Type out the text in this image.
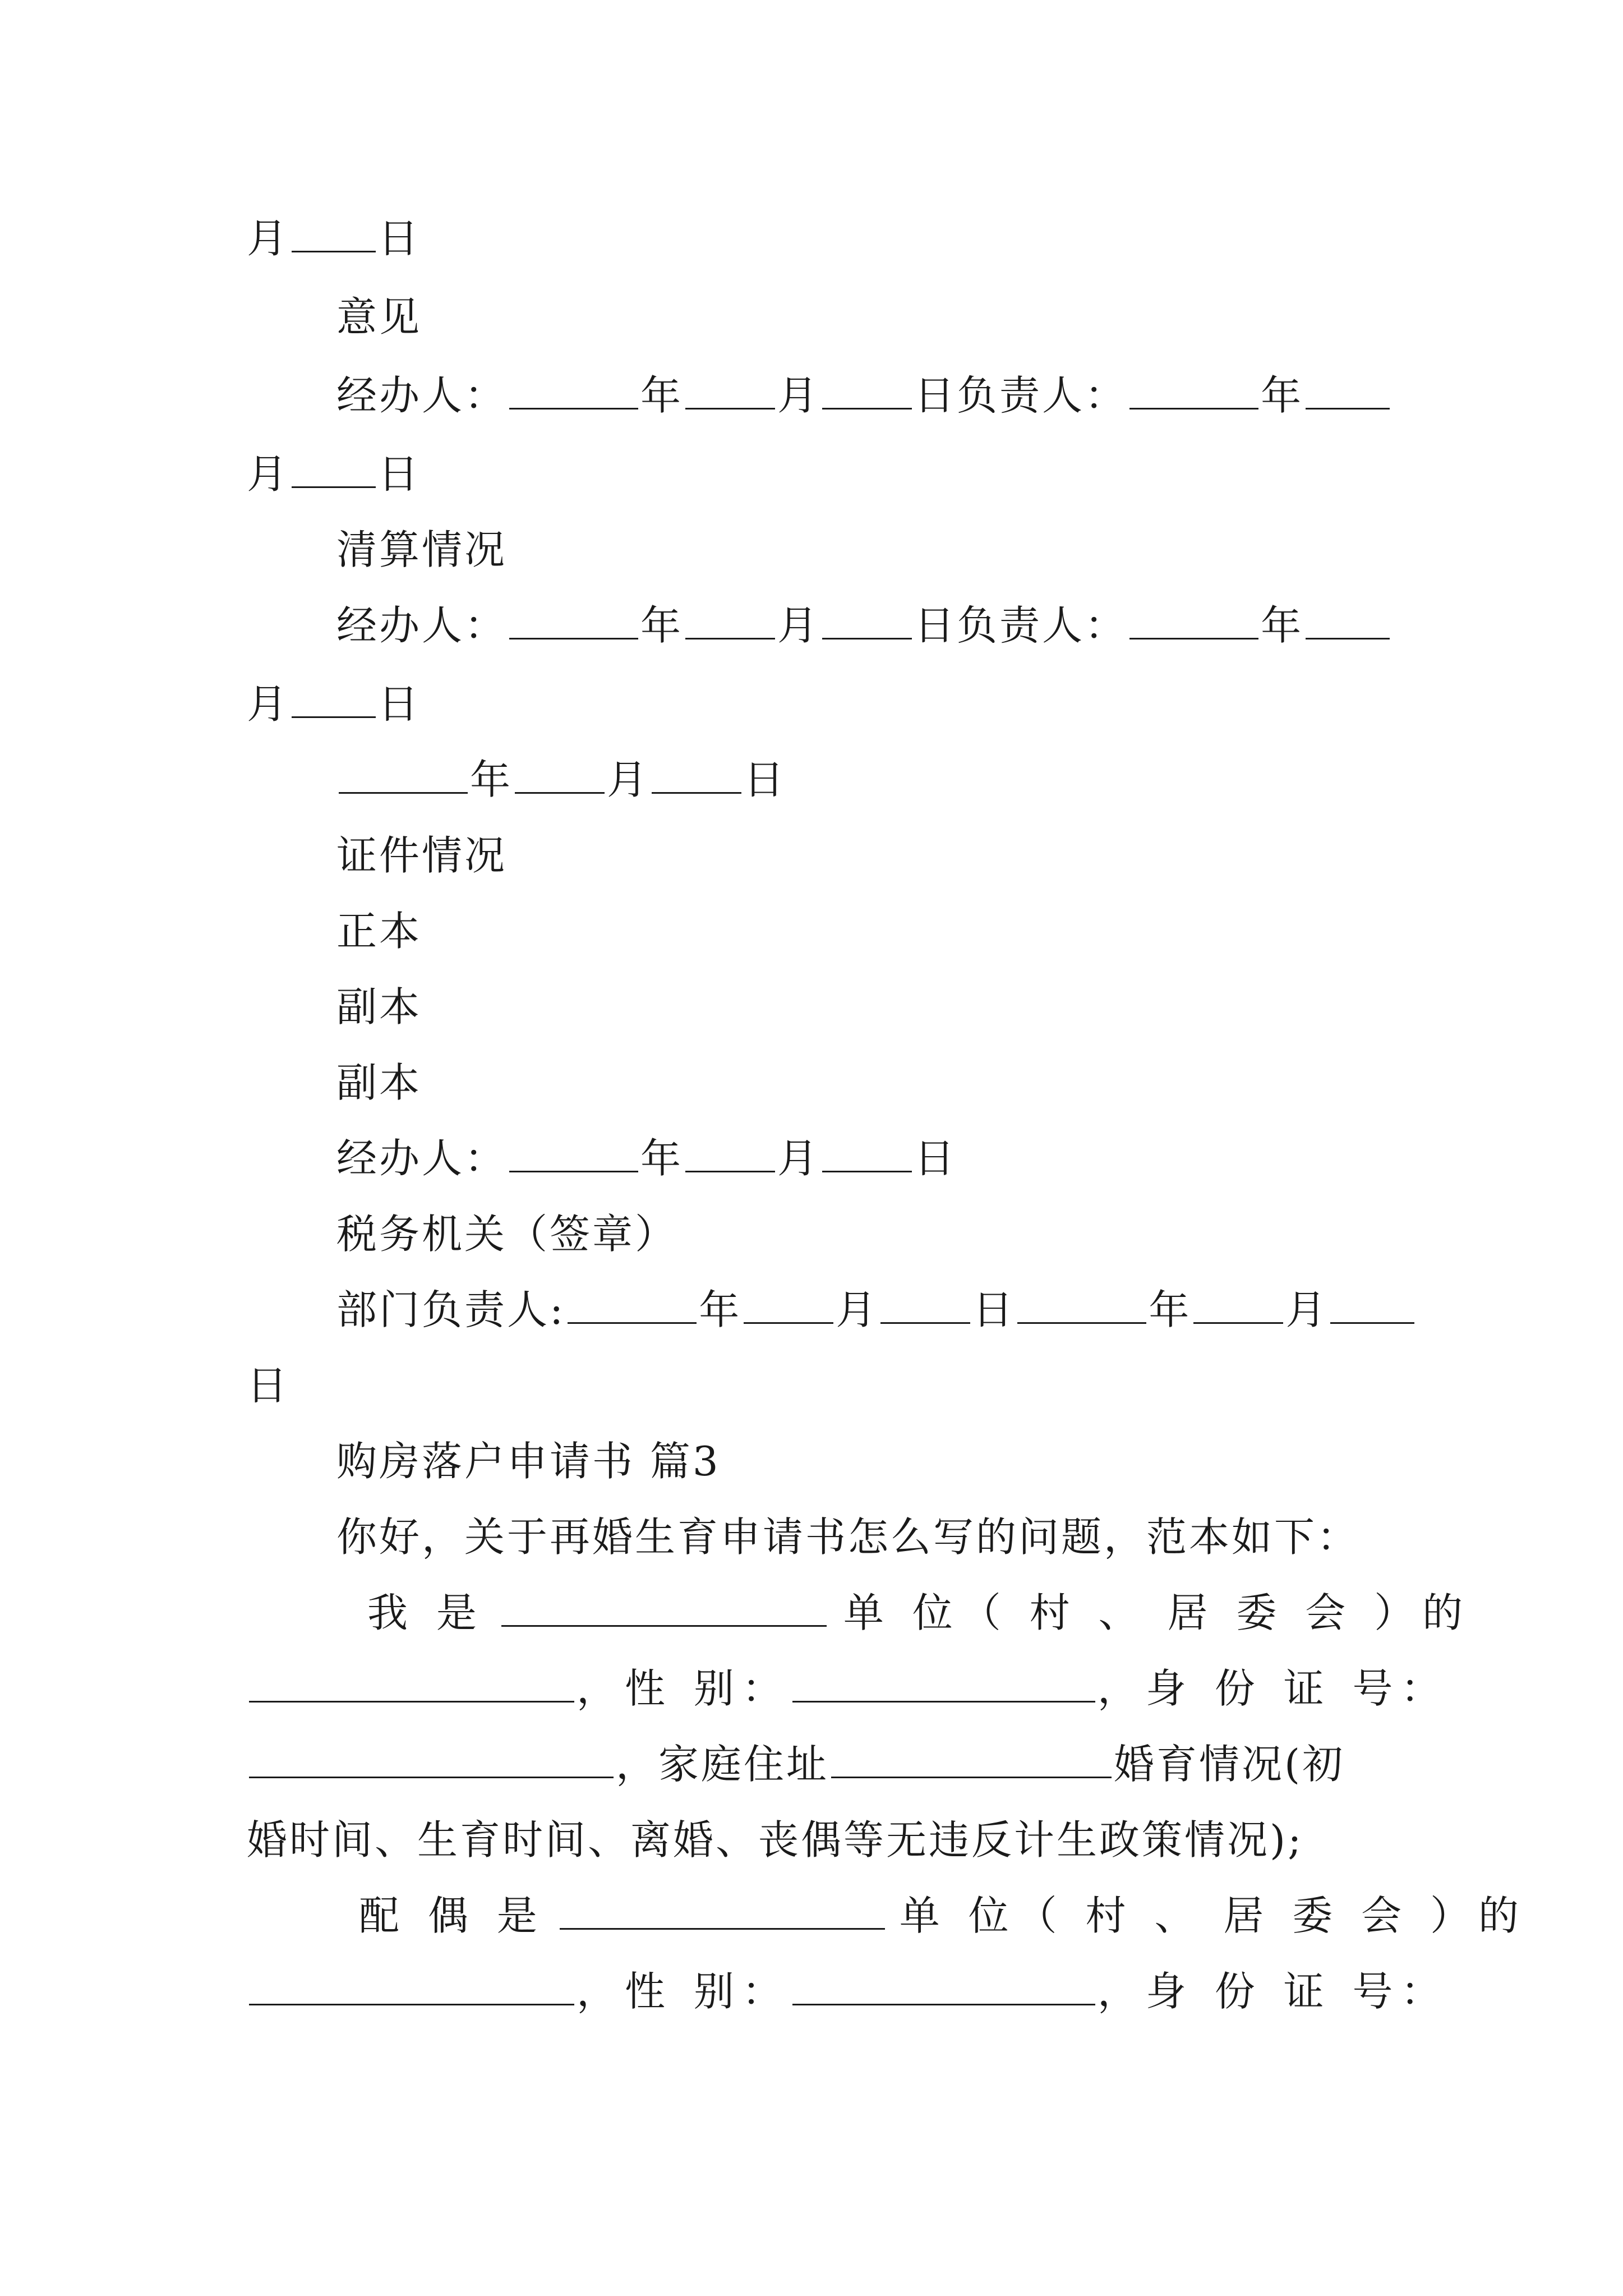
月 日
意见
经办人：	年 月 日负责人：	年
月 日
清算情况
经办人：	年 月 日负责人：	年
月 日
年 月 日
证件情况
正本
副本
副本
经办人：	年 月 日
税务机关（签章）
部门负责人:	年 月 日	年 月
日
购房落户申请书 篇3
你好，关于再婚生育申请书怎么写的问题，范本如下：
我 是	单 位（ 村 、 居 委 会 ）的
，性 别：	，身 份 证 号：
，家庭住址	婚育情况(初
婚时间、生育时间、离婚、丧偶等无违反计生政策情况);
配 偶 是	单 位（ 村 、 居 委 会 ）的
，性 别：	，身 份 证 号：
